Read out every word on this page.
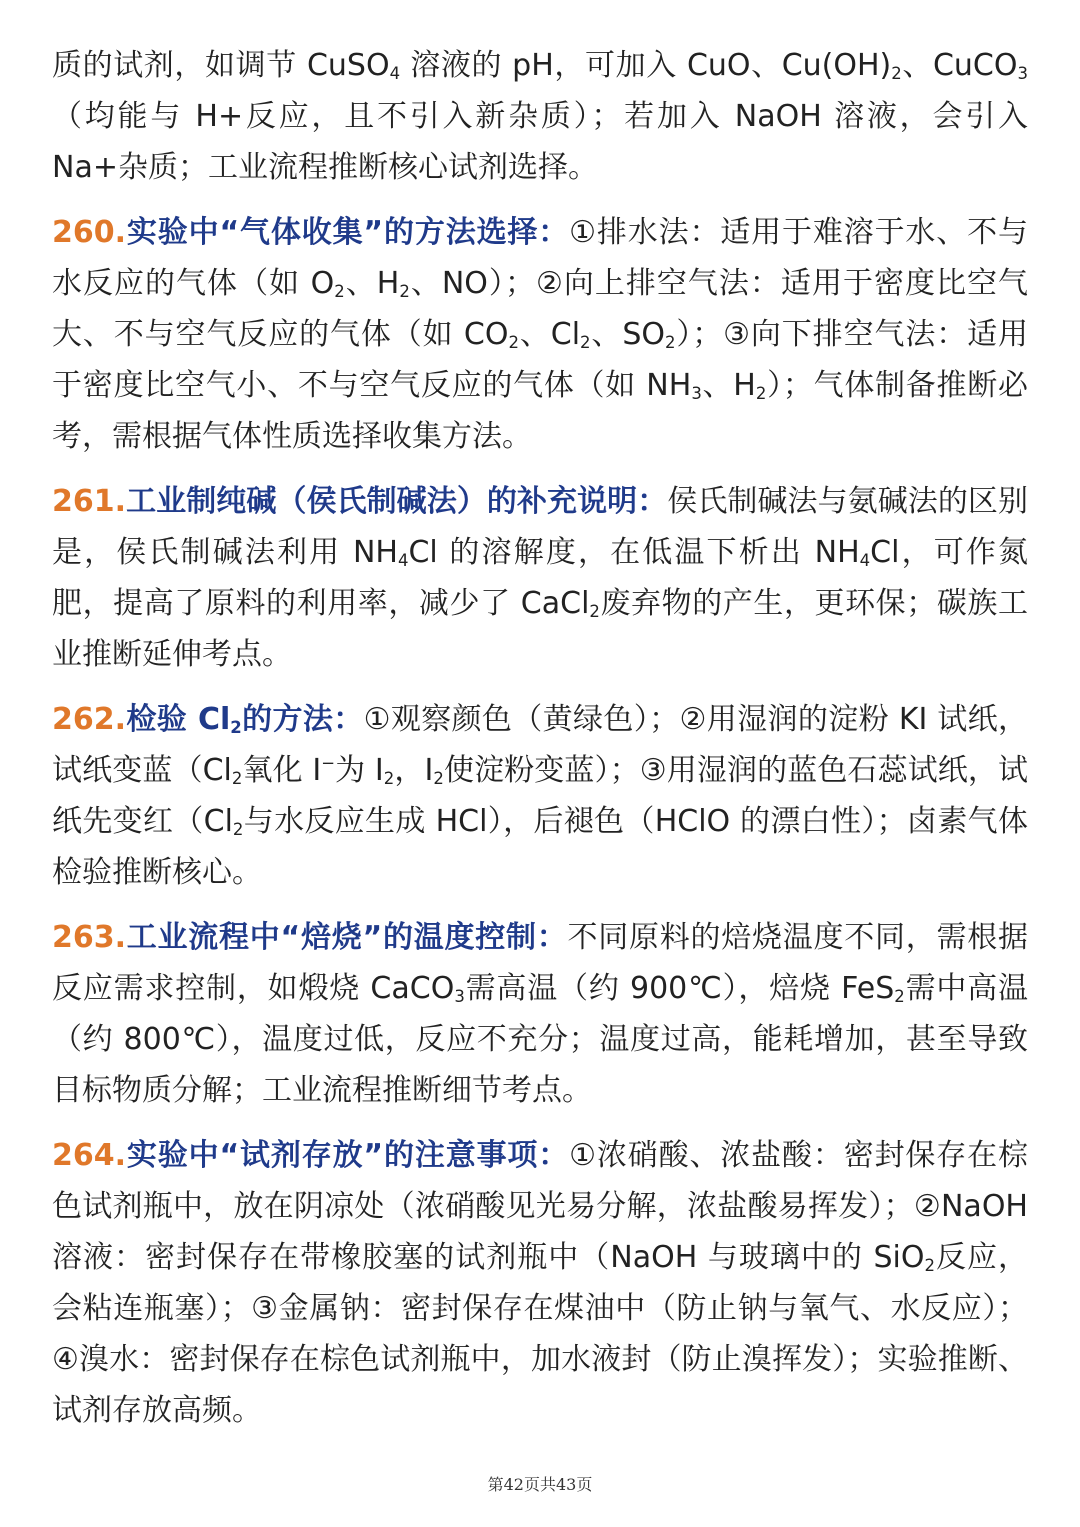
质的试剂，如调节 CuSO$_4$ 溶液的 pH，可加入 CuO、$Cu(OH)_2$、CuCO$_3$（均能与 H+反应，且不引入新杂质）；若加入 NaOH 溶液，会引入 Na+杂质；工业流程推断核心试剂选择。

260.实验中“气体收集”的方法选择：①排水法：适用于难溶于水、不与水反应的气体（如 $O_2$、$H_2$、NO）；②向上排空气法：适用于密度比空气大、不与空气反应的气体（如 $CO_2$、$Cl_2$、$SO_2$）；③向下排空气法：适用于密度比空气小、不与空气反应的气体（如 $NH_3$、$H_2$）；气体制备推断必考，需根据气体性质选择收集方法。

261.工业制纯碱（侯氏制碱法）的补充说明：侯氏制碱法与氨碱法的区别是，侯氏制碱法利用 $NH_4Cl$ 的溶解度，在低温下析出 $NH_4Cl$，可作氮肥，提高了原料的利用率，减少了 CaCl$_2$废弃物的产生，更环保；碳族工业推断延伸考点。

262.检验 $Cl_2$的方法：①观察颜色（黄绿色）；②用湿润的淀粉 KI 试纸，试纸变蓝（$Cl_2$氧化 I−为 $I_2$，$I_2$使淀粉变蓝）；③用湿润的蓝色石蕊试纸，试纸先变红（$Cl_2$与水反应生成 HCl），后褪色（HClO 的漂白性）；卤素气体检验推断核心。

263.工业流程中“焙烧”的温度控制：不同原料的焙烧温度不同，需根据反应需求控制，如煅烧 CaCO$_3$需高温（约 900℃），焙烧 FeS$_2$需中高温（约 800℃），温度过低，反应不充分；温度过高，能耗增加，甚至导致目标物质分解；工业流程推断细节考点。

264.实验中“试剂存放”的注意事项：①浓硝酸、浓盐酸：密封保存在棕色试剂瓶中，放在阴凉处（浓硝酸见光易分解，浓盐酸易挥发）；②NaOH 溶液：密封保存在带橡胶塞的试剂瓶中（NaOH 与玻璃中的 SiO$_2$反应，会粘连瓶塞）；③金属钠：密封保存在煤油中（防止钠与氧气、水反应）；④溴水：密封保存在棕色试剂瓶中，加水液封（防止溴挥发）；实验推断、试剂存放高频。

第42页共43页
